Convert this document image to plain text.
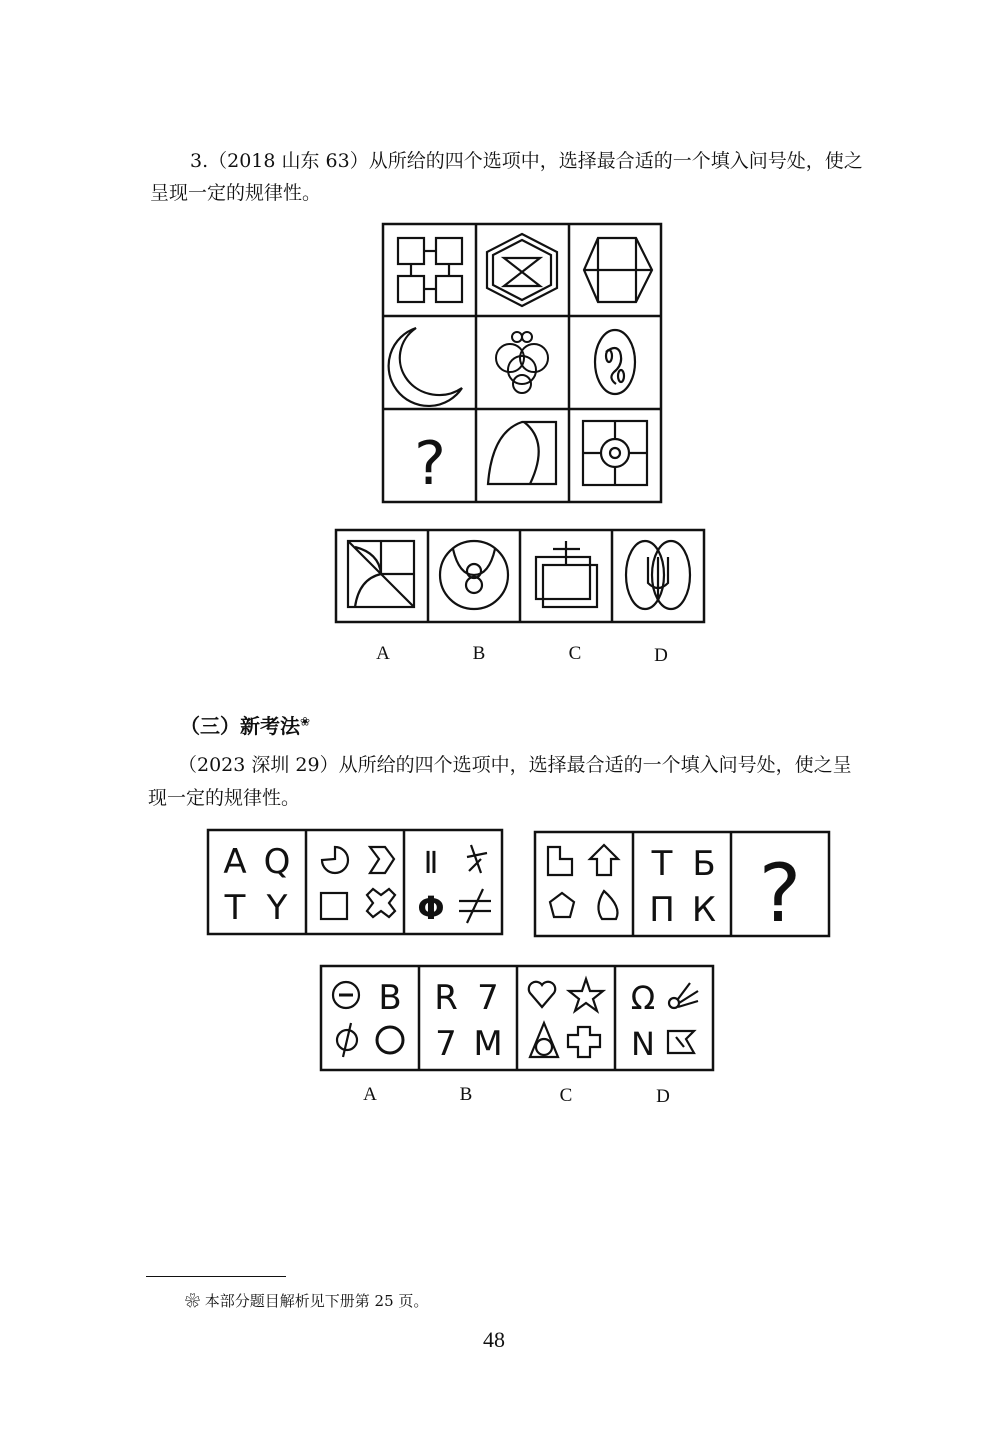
3.（2018 山东 63）从所给的四个选项中，选择最合适的一个填入问号处，使之
呈现一定的规律性。
?
A	B	C	D
（三）新考法❀
（2023 深圳 29）从所给的四个选项中，选择最合适的一个填入问号处，使之呈
现一定的规律性。
A Q
T Y
Ⅱ
Φ
Т Б
П К ?
B R 7
7 M
Ω
N
A	B	C	D
❀ 本部分题目解析见下册第 25 页。
48
